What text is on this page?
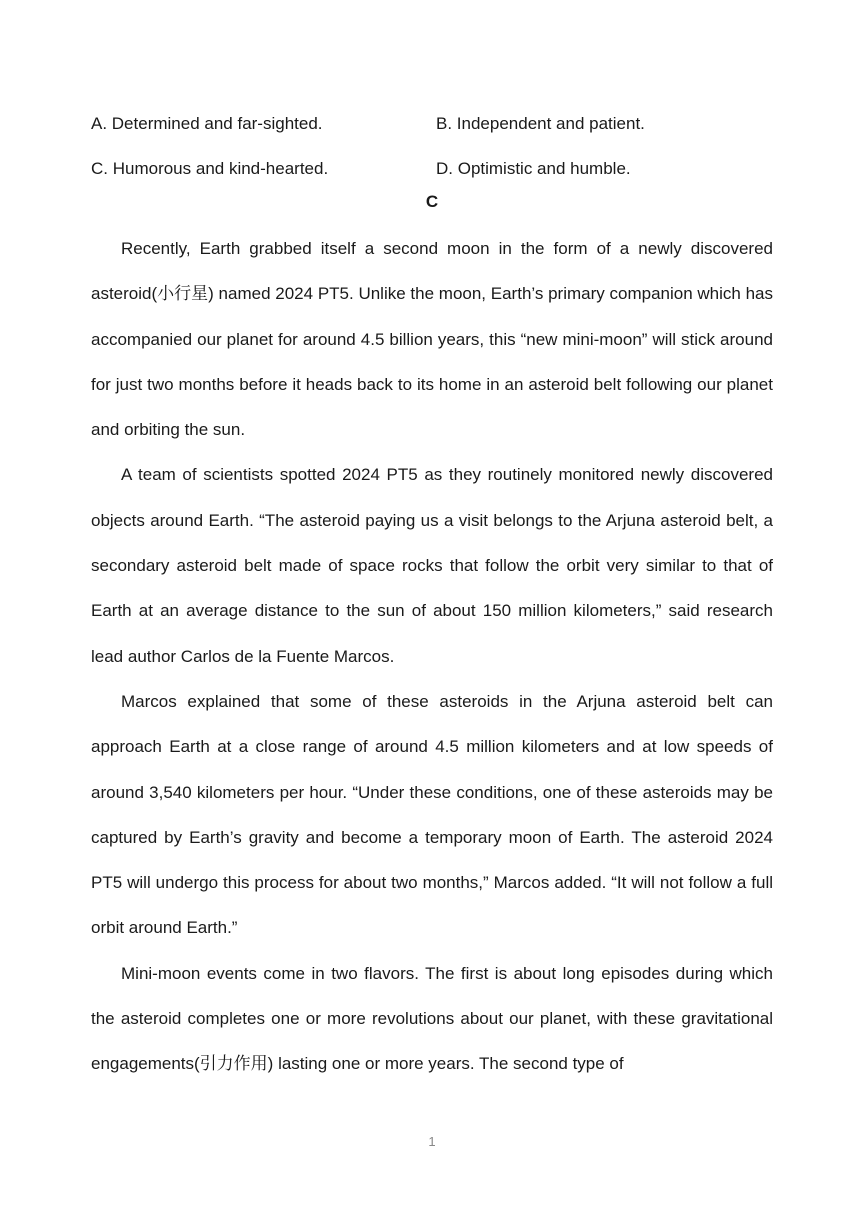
A. Determined and far-sighted.	B. Independent and patient.
C. Humorous and kind-hearted.	D. Optimistic and humble.
C

Recently, Earth grabbed itself a second moon in the form of a newly discovered asteroid(小行星) named 2024 PT5. Unlike the moon, Earth’s primary companion which has accompanied our planet for around 4.5 billion years, this “new mini-moon” will stick around for just two months before it heads back to its home in an asteroid belt following our planet and orbiting the sun.

A team of scientists spotted 2024 PT5 as they routinely monitored newly discovered objects around Earth. “The asteroid paying us a visit belongs to the Arjuna asteroid belt, a secondary asteroid belt made of space rocks that follow the orbit very similar to that of Earth at an average distance to the sun of about 150 million kilometers,” said research lead author Carlos de la Fuente Marcos.

Marcos explained that some of these asteroids in the Arjuna asteroid belt can approach Earth at a close range of around 4.5 million kilometers and at low speeds of around 3,540 kilometers per hour. “Under these conditions, one of these asteroids may be captured by Earth’s gravity and become a temporary moon of Earth. The asteroid 2024 PT5 will undergo this process for about two months,” Marcos added. “It will not follow a full orbit around Earth.”

Mini-moon events come in two flavors. The first is about long episodes during which the asteroid completes one or more revolutions about our planet, with these gravitational engagements(引力作用) lasting one or more years. The second type of

1
